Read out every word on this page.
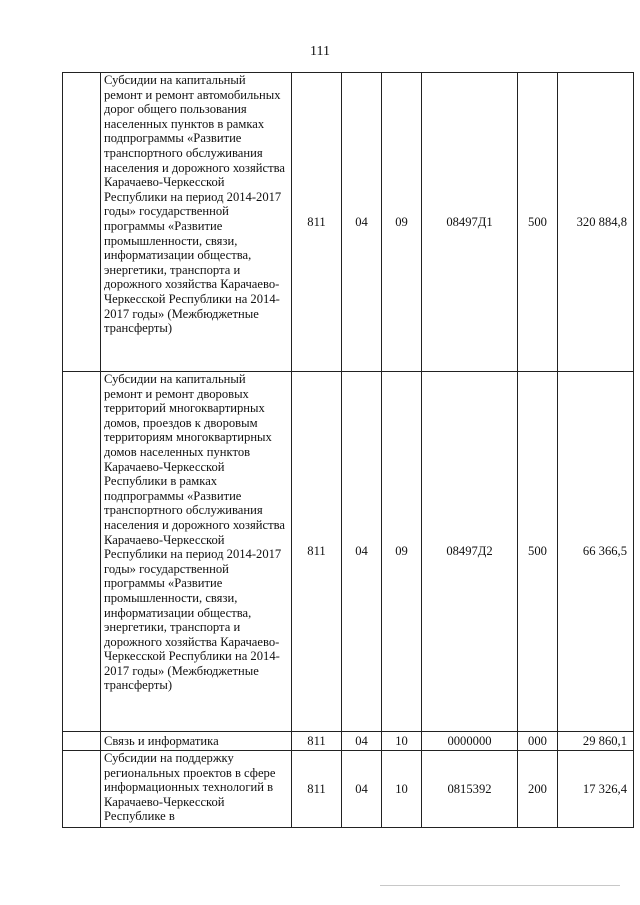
111

	Субсидии на капитальный ремонт и ремонт автомобильных дорог общего пользования населенных пунктов в рамках подпрограммы «Развитие транспортного обслуживания населения и дорожного хозяйства Карачаево-Черкесской Республики на период 2014-2017 годы» государственной программы «Развитие промышленности, связи, информатизации общества, энергетики, транспорта и дорожного хозяйства Карачаево-Черкесской Республики на 2014-2017 годы» (Межбюджетные трансферты)	811	04	09	08497Д1	500	320 884,8

	Субсидии на капитальный ремонт и ремонт дворовых территорий многоквартирных домов, проездов к дворовым территориям многоквартирных домов населенных пунктов Карачаево-Черкесской Республики в рамках подпрограммы «Развитие транспортного обслуживания населения и дорожного хозяйства Карачаево-Черкесской Республики на период 2014-2017 годы» государственной программы «Развитие промышленности, связи, информатизации общества, энергетики, транспорта и дорожного хозяйства Карачаево-Черкесской Республики на 2014-2017 годы» (Межбюджетные трансферты)	811	04	09	08497Д2	500	66 366,5

	Связь и информатика	811	04	10	0000000	000	29 860,1

	Субсидии на поддержку региональных проектов в сфере информационных технологий в Карачаево-Черкесской Республике в	811	04	10	0815392	200	17 326,4
